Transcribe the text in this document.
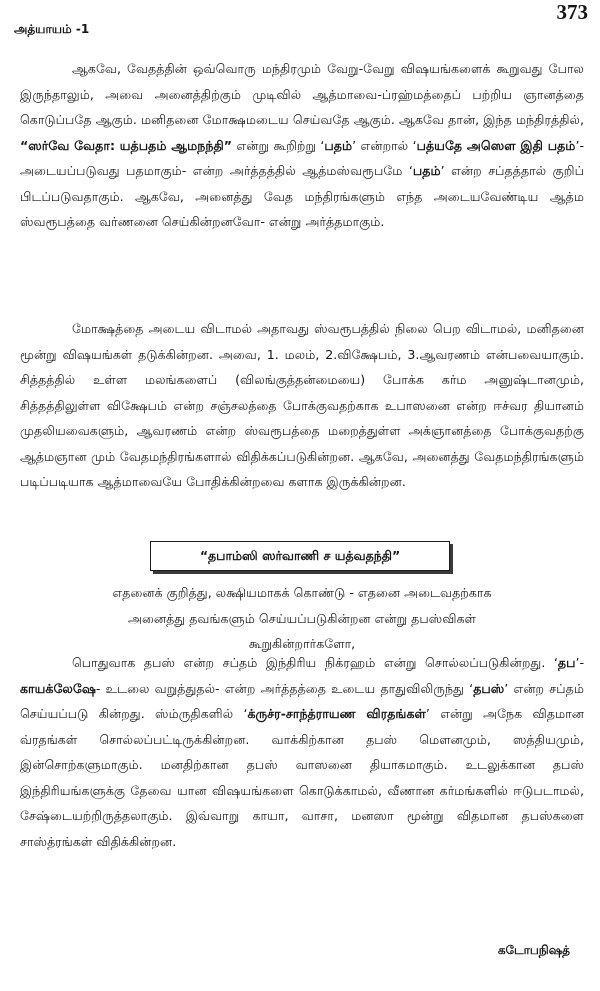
373
அத்யாயம் -1

ஆகவே, வேதத்தின் ஒவ்வொரு மந்திரமும் வேறு-வேறு விஷயங்களைக் கூறுவது போல இருந்தாலும், அவை அனைத்திற்கும் முடிவில் ஆத்மாவை-ப்ரஹ்மத்தைப் பற்றிய ஞானத்தை கொடுப்பதே ஆகும். மனிதனை மோக்ஷமடைய செய்வதே ஆகும். ஆகவே தான், இந்த மந்திரத்தில், “ஸர்வே வேதா: யத்பதம் ஆமநந்தி” என்று கூறிற்று ‘பதம்’ என்றால் ‘பத்யதே அஸெள இதி பதம்’-அடையப்படுவது பதமாகும்- என்ற அர்த்தத்தில் ஆத்மஸ்வரூபமே ‘பதம்’ என்ற சப்தத்தால் குறிப் பிடப்படுவதாகும். ஆகவே, அனைத்து வேத மந்திரங்களும் எந்த அடையவேண்டிய ஆத்ம ஸ்வரூபத்தை வர்ணனை செய்கின்றனவோ- என்று அர்த்தமாகும்.

மோக்ஷத்தை அடைய விடாமல் அதாவது ஸ்வரூபத்தில் நிலை பெற விடாமல், மனிதனை மூன்று விஷயங்கள் தடுக்கின்றன. அவை, 1. மலம், 2.விக்ஷேபம், 3.ஆவரணம் என்பவையாகும். சித்தத்தில் உள்ள மலங்களைப் (விலங்குத்தன்மையை) போக்க கர்ம அனுஷ்டானமும், சித்தத்திலுள்ள விக்ஷேபம் என்ற சஞ்சலத்தை போக்குவதற்காக உபாஸனை என்ற ஈச்வர தியானம் முதலியவைகளும், ஆவரணம் என்ற ஸ்வரூபத்தை மறைத்துள்ள அக்ஞானத்தை போக்குவதற்கு ஆத்மஞான மும் வேதமந்திரங்களால் விதிக்கப்படுகின்றன. ஆகவே, அனைத்து வேதமந்திரங்களும் படிப்படியாக ஆத்மாவையே போதிக்கின்றவை களாக இருக்கின்றன.

“தபாம்ஸி ஸர்வாணி ச யத்வதந்தி”
எதனைக் குறித்து, லக்ஷியமாகக் கொண்டு - எதனை அடைவதற்காக
அனைத்து தவங்களும் செய்யப்படுகின்றன என்று தபஸ்விகள்
கூறுகின்றார்களோ,

பொதுவாக தபஸ் என்ற சப்தம் இந்திரிய நிக்ரஹம் என்று சொல்லப்படுகின்றது. ‘தப’-காயக்லேஷே- உடலை வறுத்துதல்- என்ற அர்த்தத்தை உடைய தாதுவிலிருந்து ‘தபஸ்’ என்ற சப்தம் செய்யப்படு கின்றது. ஸ்ம்ருதிகளில் ‘க்ருச்ர-சாந்த்ராயண விரதங்கள்’ என்று அநேக விதமான வ்ரதங்கள் சொல்லப்பட்டிருக்கின்றன. வாக்கிற்கான தபஸ் மெளனமும், ஸத்தியமும், இன்சொற்களுமாகும். மனதிற்கான தபஸ் வாஸனை தியாகமாகும். உடலுக்கான தபஸ் இந்திரியங்களுக்கு தேவை யான விஷயங்களை கொடுக்காமல், வீணான கர்மங்களில் ஈடுபடாமல், சேஷ்டையற்றிருத்தலாகும். இவ்வாறு காயா, வாசா, மனஸா மூன்று விதமான தபஸ்களை சாஸ்த்ரங்கள் விதிக்கின்றன.

கடோபநிஷத்
